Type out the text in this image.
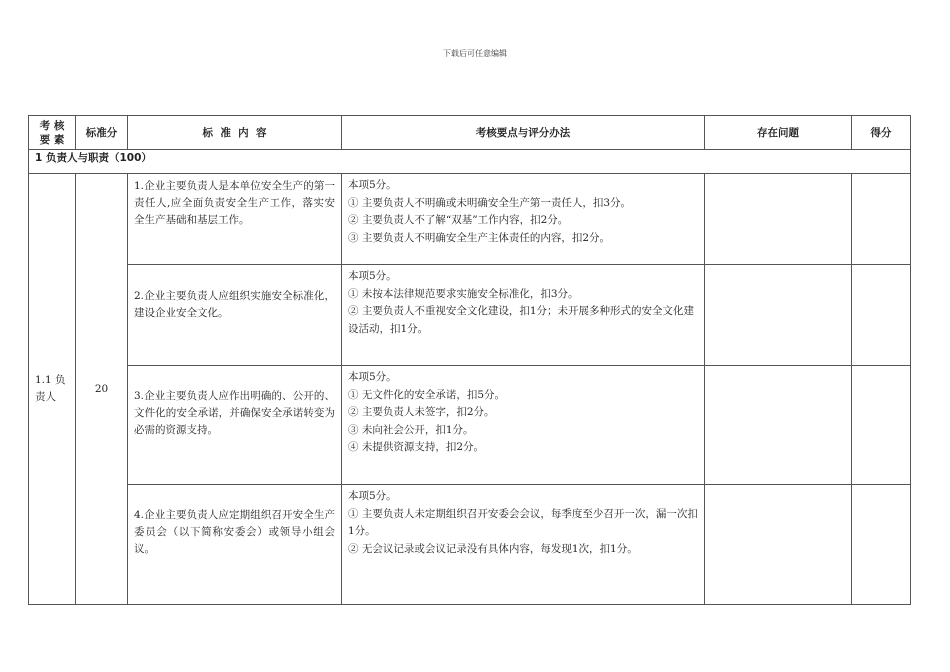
下载后可任意编辑
考 核
要 素	标准分	标  准  内  容	考核要点与评分办法	存在问题	得分
1 负责人与职责（100）					
1.1 负责人	20	1.企业主要负责人是本单位安全生产的第一责任人,应全面负责安全生产工作，落实安全生产基础和基层工作。	本项5分。
① 主要负责人不明确或未明确安全生产第一责任人，扣3分。
② 主要负责人不了解“双基”工作内容，扣2分。
③ 主要负责人不明确安全生产主体责任的内容，扣2分。		

		2.企业主要负责人应组织实施安全标准化，建设企业安全文化。	本项5分。
① 未按本法律规范要求实施安全标准化，扣3分。
② 主要负责人不重视安全文化建设，扣1分；未开展多种形式的安全文化建设活动，扣1分。		

		3.企业主要负责人应作出明确的、公开的、文件化的安全承诺，并确保安全承诺转变为必需的资源支持。	本项5分。
① 无文件化的安全承诺，扣5分。
② 主要负责人未签字，扣2分。
③ 未向社会公开，扣1分。
④ 未提供资源支持，扣2分。		

		4.企业主要负责人应定期组织召开安全生产委员会（以下简称安委会）或领导小组会议。	本项5分。
① 主要负责人未定期组织召开安委会会议，每季度至少召开一次，漏一次扣1分。
② 无会议记录或会议记录没有具体内容，每发现1次，扣1分。		
